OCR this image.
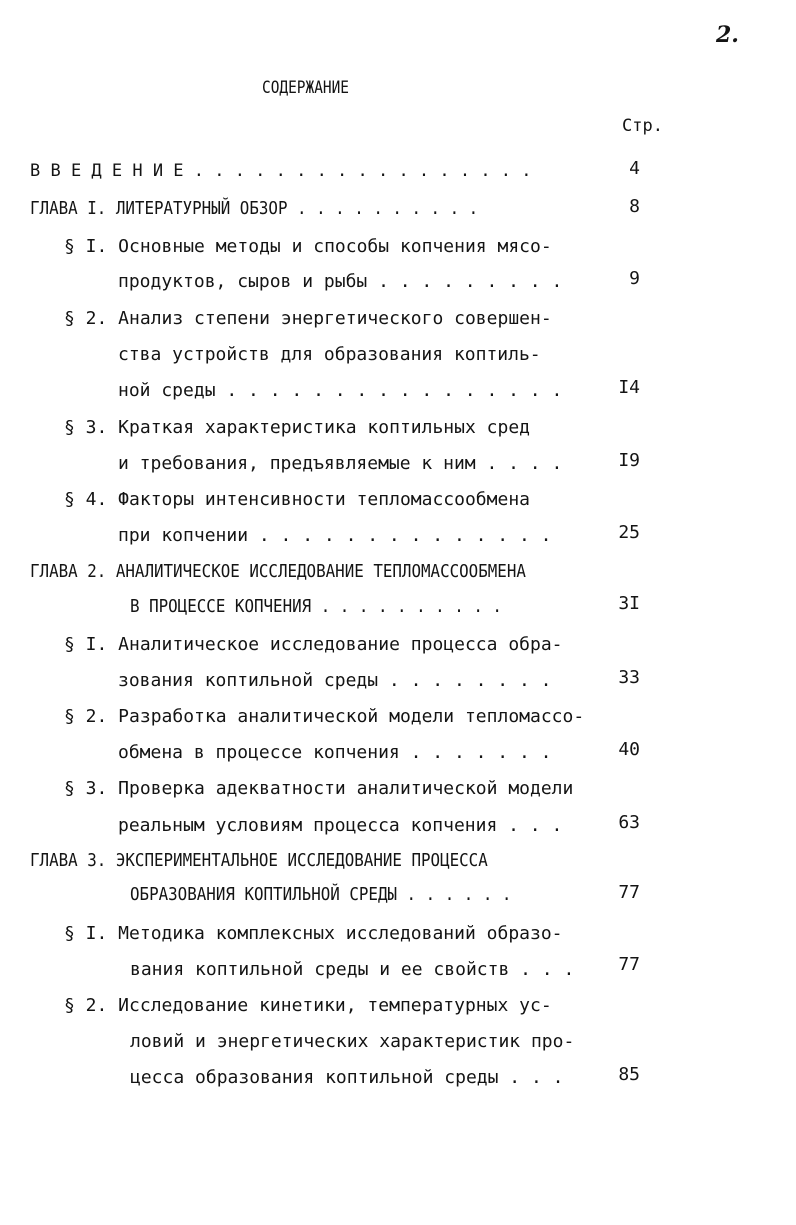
2.
СОДЕРЖАНИЕ
Стр.
В В Е Д Е Н И Е . . . . . . . . . . . . . . . . .	4
ГЛАВА I. ЛИТЕРАТУРНЫЙ ОБЗОР . . . . . . . . . .	8
§ I. Основные методы и способы копчения мясо-
продуктов, сыров и рыбы . . . . . . . . .	9
§ 2. Анализ степени энергетического совершен-
ства устройств для образования коптиль-
ной среды . . . . . . . . . . . . . . . .	I4
§ 3. Краткая характеристика коптильных сред
и требования, предъявляемые к ним . . . .	I9
§ 4. Факторы интенсивности тепломассообмена
при копчении . . . . . . . . . . . . . .	25
ГЛАВА 2. АНАЛИТИЧЕСКОЕ ИССЛЕДОВАНИЕ ТЕПЛОМАССООБМЕНА
В ПРОЦЕССЕ КОПЧЕНИЯ . . . . . . . . . .	3I
§ I. Аналитическое исследование процесса обра-
зования коптильной среды . . . . . . . .	33
§ 2. Разработка аналитической модели тепломассо-
обмена в процессе копчения . . . . . . .	40
§ 3. Проверка адекватности аналитической модели
реальным условиям процесса копчения . . .	63
ГЛАВА 3. ЭКСПЕРИМЕНТАЛЬНОЕ ИССЛЕДОВАНИЕ ПРОЦЕССА
ОБРАЗОВАНИЯ КОПТИЛЬНОЙ СРЕДЫ . . . . . .	77
§ I. Методика комплексных исследований образо-
вания коптильной среды и ее свойств . . .	77
§ 2. Исследование кинетики, температурных ус-
ловий и энергетических характеристик про-
цесса образования коптильной среды . . .	85
